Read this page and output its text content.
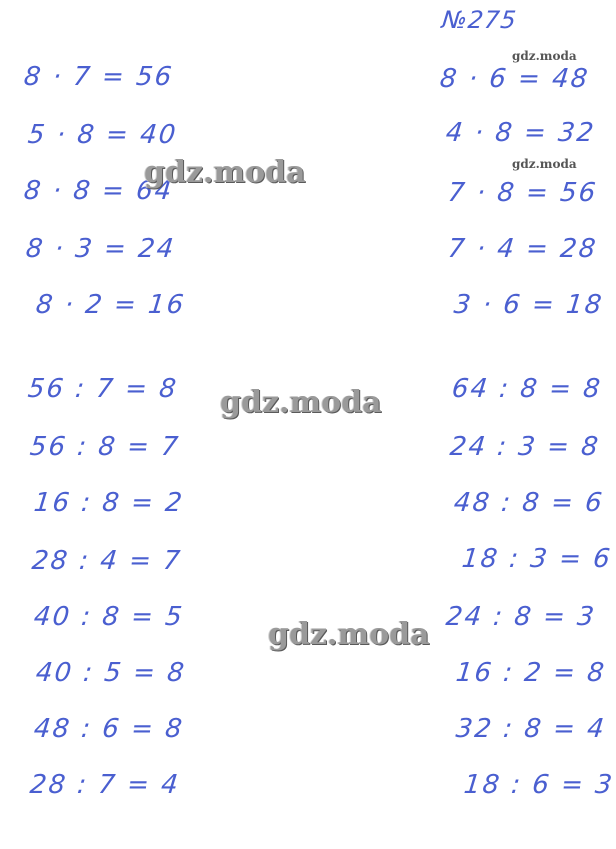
№275
8 · 7 = 56
5 · 8 = 40
8 · 8 = 64
8 · 3 = 24
8 · 2 = 16
8 · 6 = 48
4 · 8 = 32
7 · 8 = 56
7 · 4 = 28
3 · 6 = 18
56 : 7 = 8
56 : 8 = 7
16 : 8 = 2
28 : 4 = 7
40 : 8 = 5
40 : 5 = 8
48 : 6 = 8
28 : 7 = 4
64 : 8 = 8
24 : 3 = 8
48 : 8 = 6
18 : 3 = 6
24 : 8 = 3
16 : 2 = 8
32 : 8 = 4
18 : 6 = 3
gdz.moda
gdz.moda
gdz.moda
gdz.moda
gdz.moda
